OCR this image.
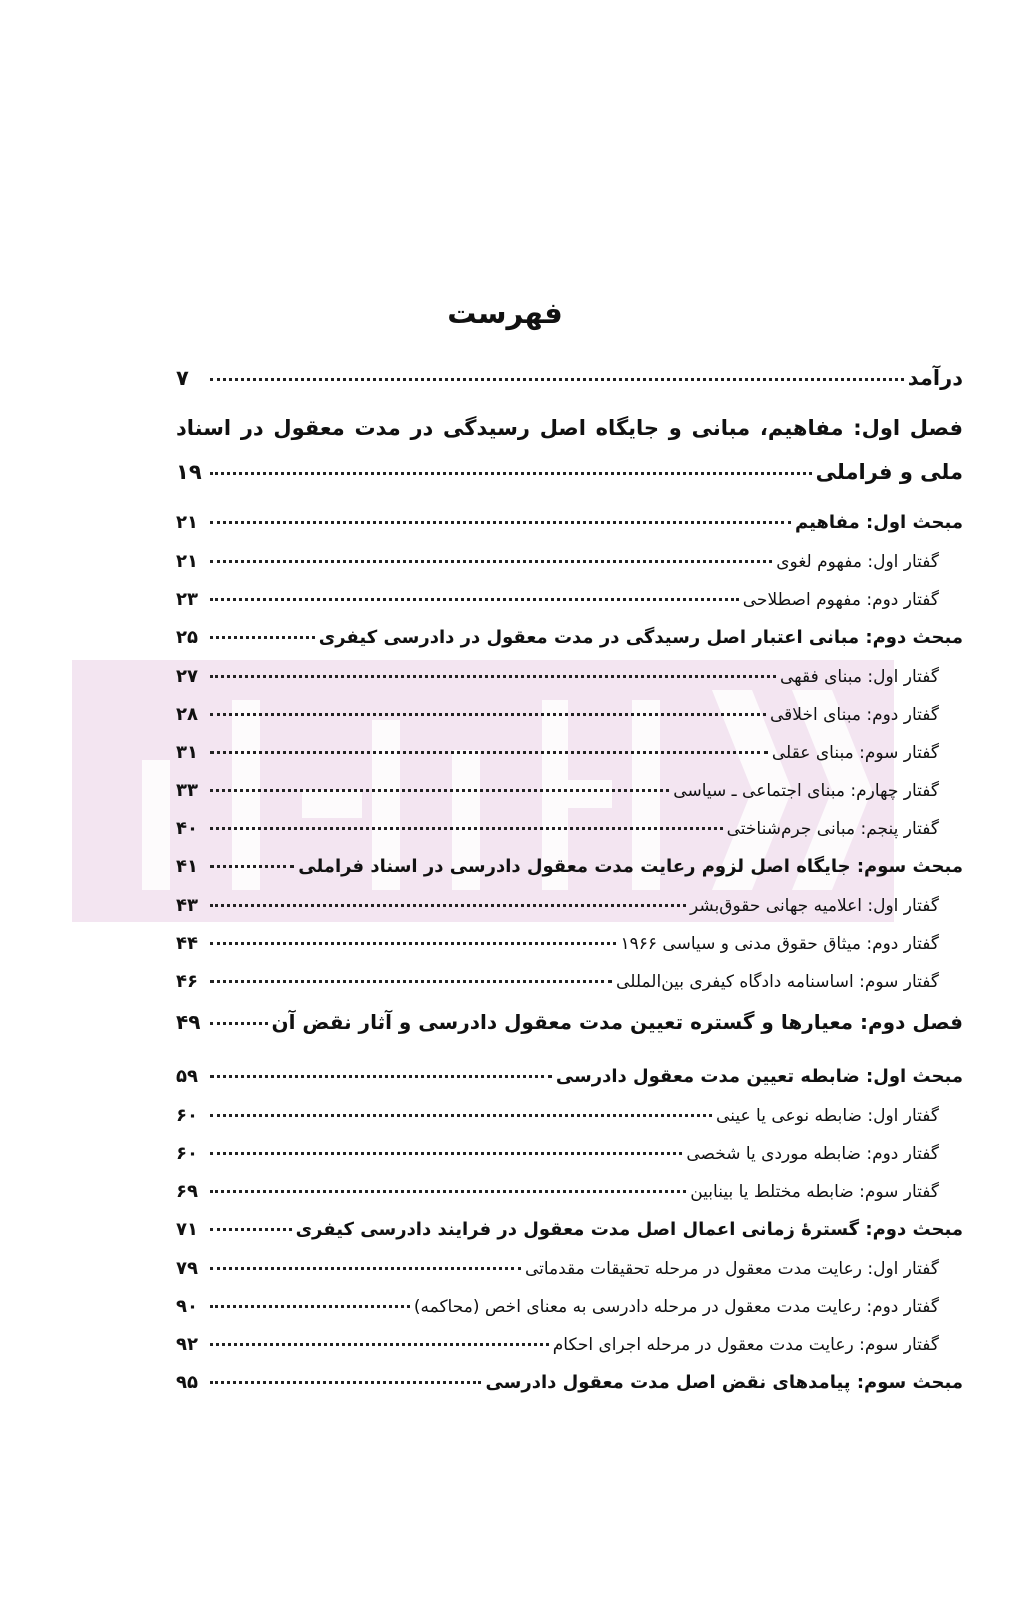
فهرست
درآمد
۷
فصل اول: مفاهیم، مبانی و جایگاه اصل رسیدگی در مدت معقول در اسناد
ملی و فراملی
۱۹
مبحث اول: مفاهیم
۲۱
گفتار اول: مفهوم لغوی
۲۱
گفتار دوم: مفهوم اصطلاحی
۲۳
مبحث دوم: مبانی اعتبار اصل رسیدگی در مدت معقول در دادرسی کیفری
۲۵
گفتار اول: مبنای فقهی
۲۷
گفتار دوم: مبنای اخلاقی
۲۸
گفتار سوم: مبنای عقلی
۳۱
گفتار چهارم: مبنای اجتماعی ـ سیاسی
۳۳
گفتار پنجم: مبانی جرم‌شناختی
۴۰
مبحث سوم: جایگاه اصل لزوم رعایت مدت معقول دادرسی در اسناد فراملی
۴۱
گفتار اول: اعلامیه جهانی حقوق‌بشر
۴۳
گفتار دوم: میثاق حقوق مدنی و سیاسی ۱۹۶۶
۴۴
گفتار سوم: اساسنامه دادگاه کیفری بین‌المللی
۴۶
فصل دوم: معیارها و گستره تعیین مدت معقول دادرسی و آثار نقض آن
۴۹
مبحث اول: ضابطه تعیین مدت معقول دادرسی
۵۹
گفتار اول: ضابطه نوعی یا عینی
۶۰
گفتار دوم: ضابطه موردی یا شخصی
۶۰
گفتار سوم: ضابطه مختلط یا بینابین
۶۹
مبحث دوم: گسترهٔ زمانی اعمال اصل مدت معقول در فرایند دادرسی کیفری
۷۱
گفتار اول: رعایت مدت معقول در مرحله تحقیقات مقدماتی
۷۹
گفتار دوم: رعایت مدت معقول در مرحله دادرسی به معنای اخص (محاکمه)
۹۰
گفتار سوم: رعایت مدت معقول در مرحله اجرای احکام
۹۲
مبحث سوم: پیامدهای نقض اصل مدت معقول دادرسی
۹۵
